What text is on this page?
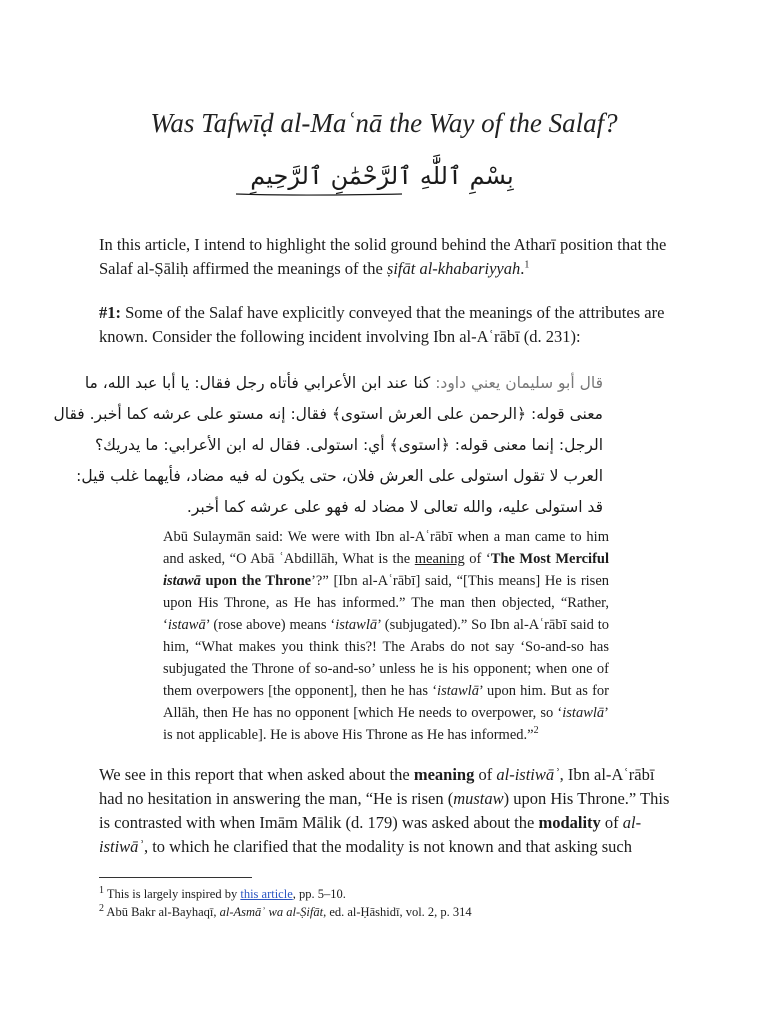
Was Tafwīḍ al-Maʿnā the Way of the Salaf?
بِسْمِ ٱللَّٰهِ ٱلرَّحْمَٰنِ ٱلرَّحِيمِ

In this article, I intend to highlight the solid ground behind the Atharī position that the Salaf al-Ṣāliḥ affirmed the meanings of the ṣifāt al-khabariyyah.$^1$

#1: Some of the Salaf have explicitly conveyed that the meanings of the attributes are known. Consider the following incident involving Ibn al-Aʿrābī (d. 231):

قال أبو سليمان يعني داود: كنا عند ابن الأعرابي فأتاه رجل فقال: يا أبا عبد الله، ما
معنى قوله: ﴿الرحمن على العرش استوى﴾ فقال: إنه مستو على عرشه كما أخبر. فقال
الرجل: إنما معنى قوله: ﴿استوى﴾ أي: استولى. فقال له ابن الأعرابي: ما يدريك؟
العرب لا تقول استولى على العرش فلان، حتى يكون له فيه مضاد، فأيهما غلب قيل:
قد استولى عليه، والله تعالى لا مضاد له فهو على عرشه كما أخبر.

Abū Sulaymān said: We were with Ibn al-Aʿrābī when a man came to him and asked, “O Abā ʿAbdillāh, What is the meaning of ‘The Most Merciful istawā upon the Throne’?” [Ibn al-Aʿrābī] said, “[This means] He is risen upon His Throne, as He has informed.” The man then objected, “Rather, ‘istawā’ (rose above) means ‘istawlā’ (subjugated).” So Ibn al-Aʿrābī said to him, “What makes you think this?! The Arabs do not say ‘So-and-so has subjugated the Throne of so-and-so’ unless he is his opponent; when one of them overpowers [the opponent], then he has ‘istawlā’ upon him. But as for Allāh, then He has no opponent [which He needs to overpower, so ‘istawlā’ is not applicable]. He is above His Throne as He has informed.”$^2$

We see in this report that when asked about the meaning of al-istiwāʾ, Ibn al-Aʿrābī had no hesitation in answering the man, “He is risen (mustaw) upon His Throne.” This is contrasted with when Imām Mālik (d. 179) was asked about the modality of al-istiwāʾ, to which he clarified that the modality is not known and that asking such

$^1$ This is largely inspired by this article, pp. 5–10.

$^2$ Abū Bakr al-Bayhaqī, al-Asmāʾ wa al-Ṣifāt, ed. al-Ḥāshidī, vol. 2, p. 314
